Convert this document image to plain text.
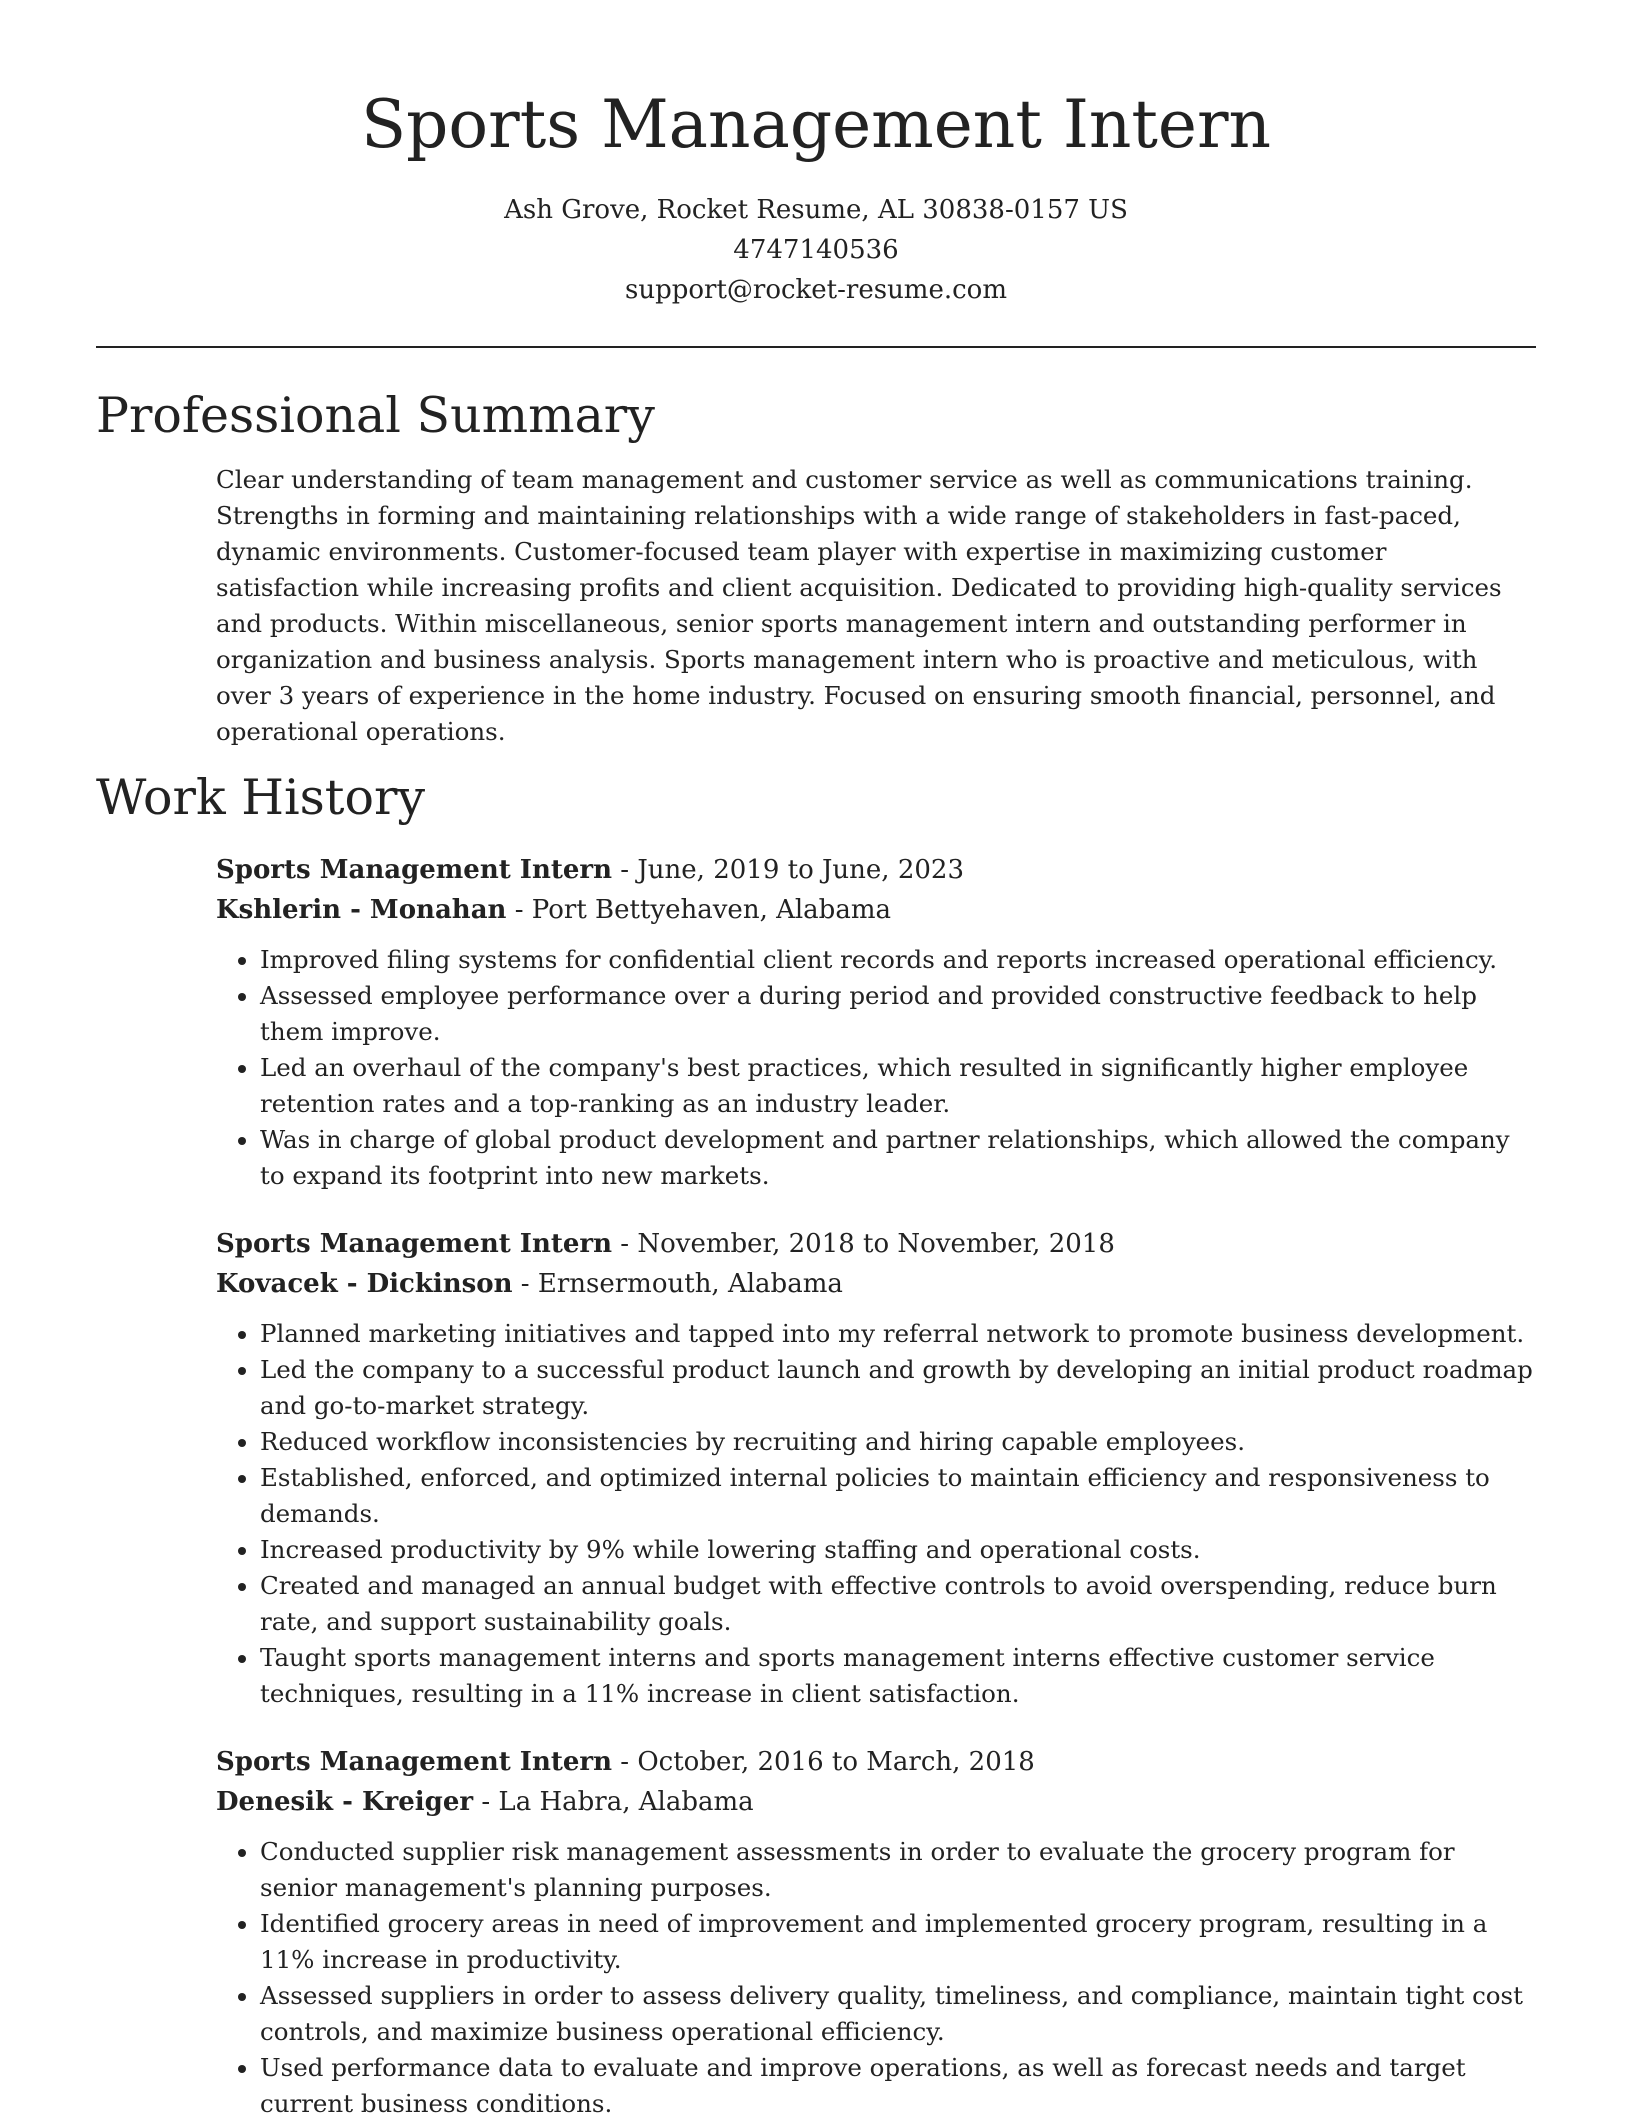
Sports Management Intern
Ash Grove, Rocket Resume, AL 30838-0157 US
4747140536
support@rocket-resume.com
Professional Summary
Clear understanding of team management and customer service as well as communications training. Strengths in forming and maintaining relationships with a wide range of stakeholders in fast-paced, dynamic environments. Customer-focused team player with expertise in maximizing customer satisfaction while increasing profits and client acquisition. Dedicated to providing high-quality services and products. Within miscellaneous, senior sports management intern and outstanding performer in organization and business analysis. Sports management intern who is proactive and meticulous, with over 3 years of experience in the home industry. Focused on ensuring smooth financial, personnel, and operational operations.
Work History
Sports Management Intern - June, 2019 to June, 2023
Kshlerin - Monahan - Port Bettyehaven, Alabama
• Improved filing systems for confidential client records and reports increased operational efficiency.
• Assessed employee performance over a during period and provided constructive feedback to help them improve.
• Led an overhaul of the company's best practices, which resulted in significantly higher employee retention rates and a top-ranking as an industry leader.
• Was in charge of global product development and partner relationships, which allowed the company to expand its footprint into new markets.
Sports Management Intern - November, 2018 to November, 2018
Kovacek - Dickinson - Ernsermouth, Alabama
• Planned marketing initiatives and tapped into my referral network to promote business development.
• Led the company to a successful product launch and growth by developing an initial product roadmap and go-to-market strategy.
• Reduced workflow inconsistencies by recruiting and hiring capable employees.
• Established, enforced, and optimized internal policies to maintain efficiency and responsiveness to demands.
• Increased productivity by 9% while lowering staffing and operational costs.
• Created and managed an annual budget with effective controls to avoid overspending, reduce burn rate, and support sustainability goals.
• Taught sports management interns and sports management interns effective customer service techniques, resulting in a 11% increase in client satisfaction.
Sports Management Intern - October, 2016 to March, 2018
Denesik - Kreiger - La Habra, Alabama
• Conducted supplier risk management assessments in order to evaluate the grocery program for senior management's planning purposes.
• Identified grocery areas in need of improvement and implemented grocery program, resulting in a 11% increase in productivity.
• Assessed suppliers in order to assess delivery quality, timeliness, and compliance, maintain tight cost controls, and maximize business operational efficiency.
• Used performance data to evaluate and improve operations, as well as forecast needs and target current business conditions.
